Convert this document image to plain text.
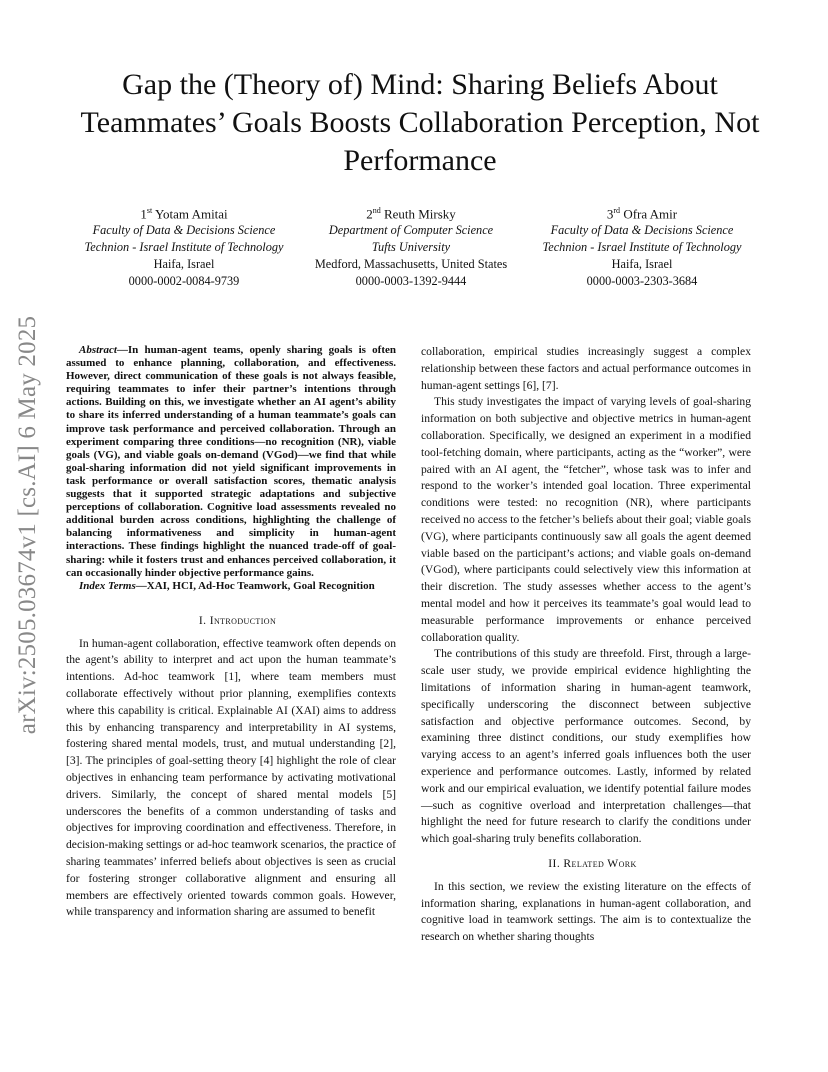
arXiv:2505.03674v1 [cs.AI] 6 May 2025
Gap the (Theory of) Mind: Sharing Beliefs About Teammates’ Goals Boosts Collaboration Perception, Not Performance
1st Yotam Amitai
Faculty of Data & Decisions Science
Technion - Israel Institute of Technology
Haifa, Israel
0000-0002-0084-9739
2nd Reuth Mirsky
Department of Computer Science
Tufts University
Medford, Massachusetts, United States
0000-0003-1392-9444
3rd Ofra Amir
Faculty of Data & Decisions Science
Technion - Israel Institute of Technology
Haifa, Israel
0000-0003-2303-3684

Abstract—In human-agent teams, openly sharing goals is often assumed to enhance planning, collaboration, and effectiveness. However, direct communication of these goals is not always feasible, requiring teammates to infer their partner’s intentions through actions. Building on this, we investigate whether an AI agent’s ability to share its inferred understanding of a human teammate’s goals can improve task performance and perceived collaboration. Through an experiment comparing three conditions—no recognition (NR), viable goals (VG), and viable goals on-demand (VGod)—we find that while goal-sharing information did not yield significant improvements in task performance or overall satisfaction scores, thematic analysis suggests that it supported strategic adaptations and subjective perceptions of collaboration. Cognitive load assessments revealed no additional burden across conditions, highlighting the challenge of balancing informativeness and simplicity in human-agent interactions. These findings highlight the nuanced trade-off of goal-sharing: while it fosters trust and enhances perceived collaboration, it can occasionally hinder objective performance gains.

Index Terms—XAI, HCI, Ad-Hoc Teamwork, Goal Recognition

I. Introduction

In human-agent collaboration, effective teamwork often depends on the agent’s ability to interpret and act upon the human teammate’s intentions. Ad-hoc teamwork [1], where team members must collaborate effectively without prior planning, exemplifies contexts where this capability is critical. Explainable AI (XAI) aims to address this by enhancing transparency and interpretability in AI systems, fostering shared mental models, trust, and mutual understanding [2], [3]. The principles of goal-setting theory [4] highlight the role of clear objectives in enhancing team performance by activating motivational drivers. Similarly, the concept of shared mental models [5] underscores the benefits of a common understanding of tasks and objectives for improving coordination and effectiveness. Therefore, in decision-making settings or ad-hoc teamwork scenarios, the practice of sharing teammates’ inferred beliefs about objectives is seen as crucial for fostering stronger collaborative alignment and ensuring all members are effectively oriented towards common goals. However, while transparency and information sharing are assumed to benefit

collaboration, empirical studies increasingly suggest a complex relationship between these factors and actual performance outcomes in human-agent settings [6], [7].

This study investigates the impact of varying levels of goal-sharing information on both subjective and objective metrics in human-agent collaboration. Specifically, we designed an experiment in a modified tool-fetching domain, where participants, acting as the “worker”, were paired with an AI agent, the “fetcher”, whose task was to infer and respond to the worker’s intended goal location. Three experimental conditions were tested: no recognition (NR), where participants received no access to the fetcher’s beliefs about their goal; viable goals (VG), where participants continuously saw all goals the agent deemed viable based on the participant’s actions; and viable goals on-demand (VGod), where participants could selectively view this information at their discretion. The study assesses whether access to the agent’s mental model and how it perceives its teammate’s goal would lead to measurable performance improvements or enhance perceived collaboration quality.

The contributions of this study are threefold. First, through a large-scale user study, we provide empirical evidence highlighting the limitations of information sharing in human-agent teamwork, specifically underscoring the disconnect between subjective satisfaction and objective performance outcomes. Second, by examining three distinct conditions, our study exemplifies how varying access to an agent’s inferred goals influences both the user experience and performance outcomes. Lastly, informed by related work and our empirical evaluation, we identify potential failure modes—such as cognitive overload and interpretation challenges—that highlight the need for future research to clarify the conditions under which goal-sharing truly benefits collaboration.

II. Related Work

In this section, we review the existing literature on the effects of information sharing, explanations in human-agent collaboration, and cognitive load in teamwork settings. The aim is to contextualize the research on whether sharing thoughts
